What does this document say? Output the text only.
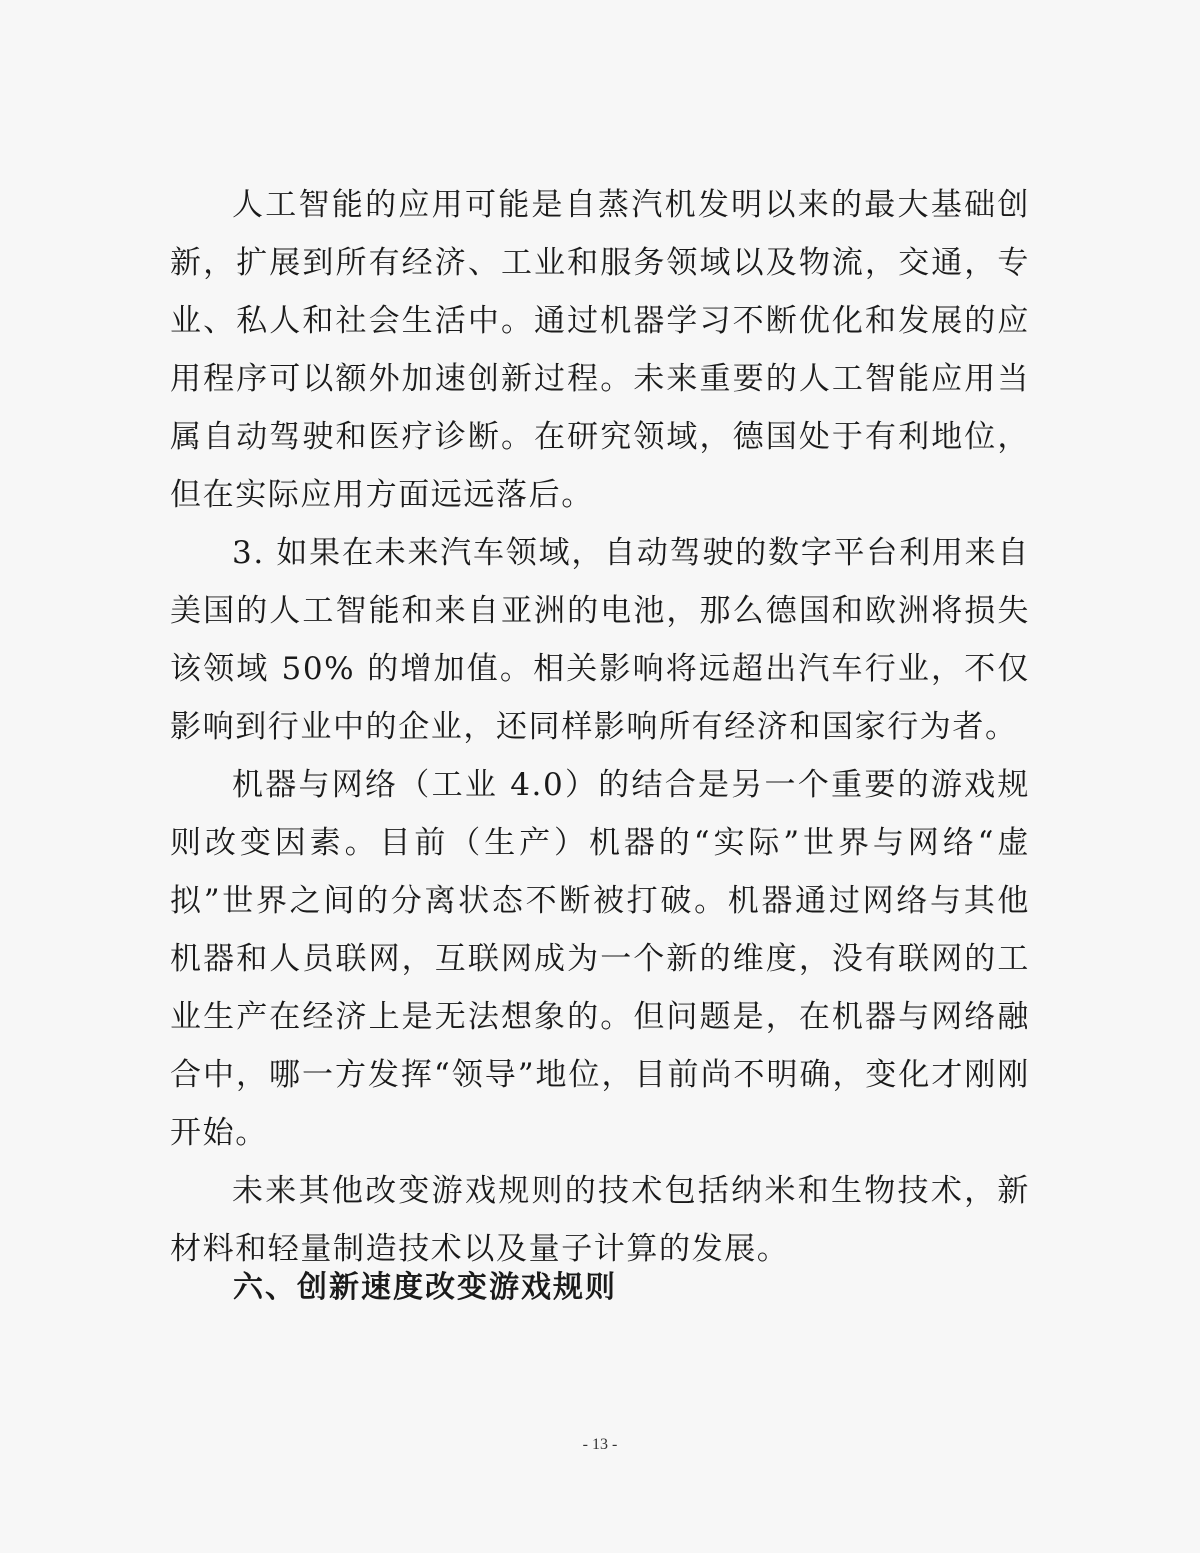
人工智能的应用可能是自蒸汽机发明以来的最大基础创新，扩展到所有经济、工业和服务领域以及物流，交通，专业、私人和社会生活中。通过机器学习不断优化和发展的应用程序可以额外加速创新过程。未来重要的人工智能应用当属自动驾驶和医疗诊断。在研究领域，德国处于有利地位，但在实际应用方面远远落后。

3. 如果在未来汽车领域，自动驾驶的数字平台利用来自美国的人工智能和来自亚洲的电池，那么德国和欧洲将损失该领域 50% 的增加值。相关影响将远超出汽车行业，不仅影响到行业中的企业，还同样影响所有经济和国家行为者。

机器与网络（工业 4.0）的结合是另一个重要的游戏规则改变因素。目前（生产）机器的“实际”世界与网络“虚拟”世界之间的分离状态不断被打破。机器通过网络与其他机器和人员联网，互联网成为一个新的维度，没有联网的工业生产在经济上是无法想象的。但问题是，在机器与网络融合中，哪一方发挥“领导”地位，目前尚不明确，变化才刚刚开始。

未来其他改变游戏规则的技术包括纳米和生物技术，新材料和轻量制造技术以及量子计算的发展。

六、创新速度改变游戏规则
- 13 -
